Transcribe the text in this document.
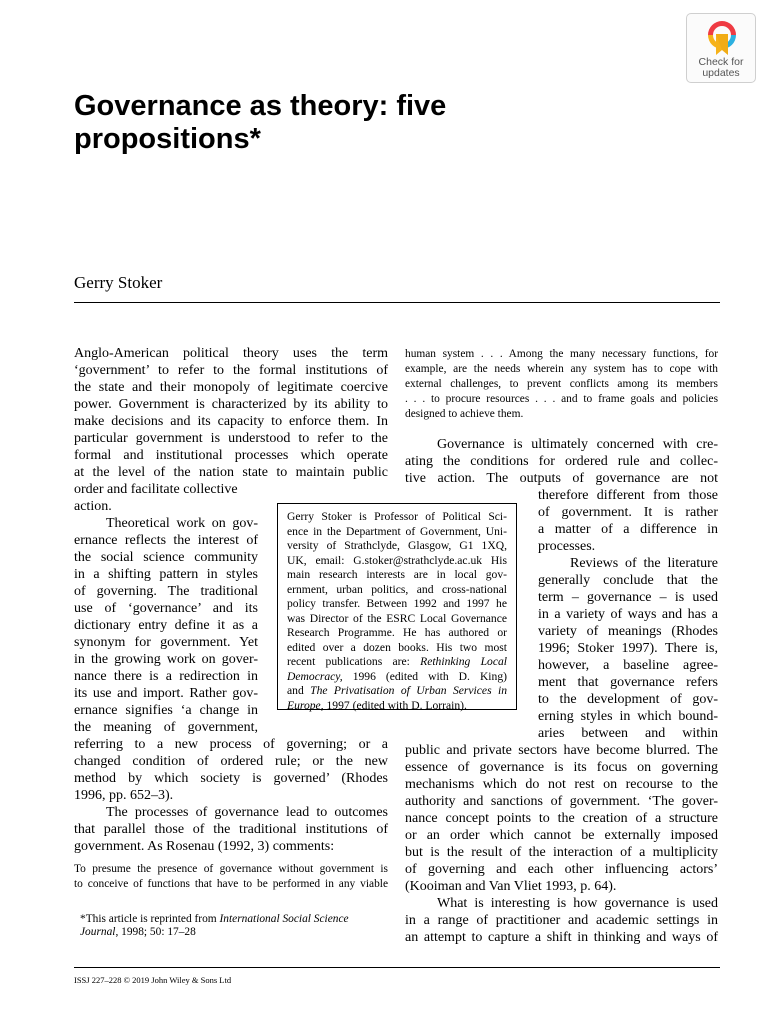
Check for
updates
Governance as theory: five
propositions*
Gerry Stoker
Anglo-American political theory uses the term
‘government’ to refer to the formal institutions of
the state and their monopoly of legitimate coercive
power. Government is characterized by its ability to
make decisions and its capacity to enforce them. In
particular government is understood to refer to the
formal and institutional processes which operate
at the level of the nation state to maintain public
order and facilitate collective
action.
Theoretical work on gov-
ernance reflects the interest of
the social science community
in a shifting pattern in styles
of governing. The traditional
use of ‘governance’ and its
dictionary entry define it as a
synonym for government. Yet
in the growing work on gover-
nance there is a redirection in
its use and import. Rather gov-
ernance signifies ‘a change in
the meaning of government,
referring to a new process of governing; or a
changed condition of ordered rule; or the new
method by which society is governed’ (Rhodes
1996, pp. 652–3).
The processes of governance lead to outcomes
that parallel those of the traditional institutions of
government. As Rosenau (1992, 3) comments:
To presume the presence of governance without government is
to conceive of functions that have to be performed in any viable
*This article is reprinted from International Social Science
Journal, 1998; 50: 17–28
human system . . . Among the many necessary functions, for
example, are the needs wherein any system has to cope with
external challenges, to prevent conflicts among its members
. . . to procure resources . . . and to frame goals and policies
designed to achieve them.
Governance is ultimately concerned with cre-
ating the conditions for ordered rule and collec-
tive action. The outputs of governance are not
therefore different from those
of government. It is rather
a matter of a difference in
processes.
Reviews of the literature
generally conclude that the
term – governance – is used
in a variety of ways and has a
variety of meanings (Rhodes
1996; Stoker 1997). There is,
however, a baseline agree-
ment that governance refers
to the development of gov-
erning styles in which bound-
aries between and within
public and private sectors have become blurred. The
essence of governance is its focus on governing
mechanisms which do not rest on recourse to the
authority and sanctions of government. ‘The gover-
nance concept points to the creation of a structure
or an order which cannot be externally imposed
but is the result of the interaction of a multiplicity
of governing and each other influencing actors’
(Kooiman and Van Vliet 1993, p. 64).
What is interesting is how governance is used
in a range of practitioner and academic settings in
an attempt to capture a shift in thinking and ways of
Gerry Stoker is Professor of Political Sci-
ence in the Department of Government, Uni-
versity of Strathclyde, Glasgow, G1 1XQ,
UK, email: G.stoker@strathclyde.ac.uk His
main research interests are in local gov-
ernment, urban politics, and cross-national
policy transfer. Between 1992 and 1997 he
was Director of the ESRC Local Governance
Research Programme. He has authored or
edited over a dozen books. His two most
recent publications are: Rethinking Local
Democracy, 1996 (edited with D. King)
and The Privatisation of Urban Services in
Europe, 1997 (edited with D. Lorrain).
ISSJ 227–228 © 2019 John Wiley & Sons Ltd
